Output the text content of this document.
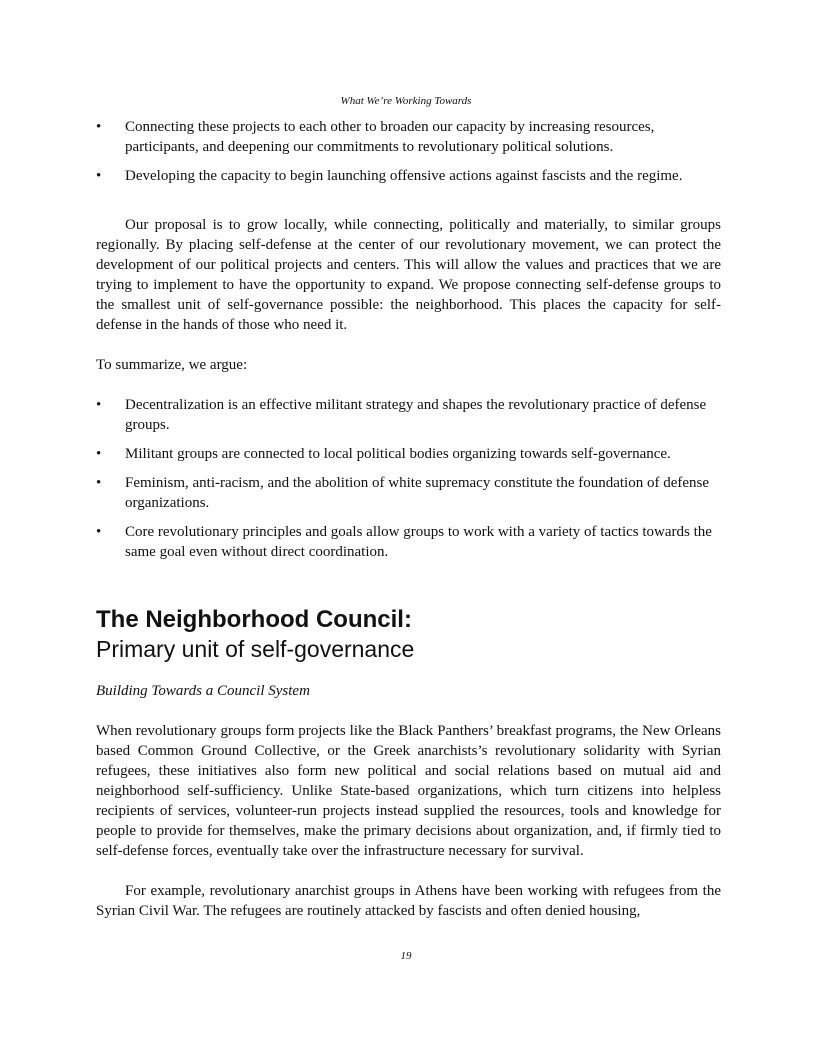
What We’re Working Towards
•	Connecting these projects to each other to broaden our capacity by increasing resources, participants, and deepening our commitments to revolutionary political solutions.
•	Developing the capacity to begin launching offensive actions against fascists and the regime.

Our proposal is to grow locally, while connecting, politically and materially, to similar groups regionally. By placing self-defense at the center of our revolutionary movement, we can protect the development of our political projects and centers. This will allow the values and practices that we are trying to implement to have the opportunity to expand. We propose connecting self-defense groups to the smallest unit of self-governance possible: the neighborhood. This places the capacity for self-defense in the hands of those who need it.

To summarize, we argue:

•	Decentralization is an effective militant strategy and shapes the revolutionary practice of defense groups.
•	Militant groups are connected to local political bodies organizing towards self-governance.
•	Feminism, anti-racism, and the abolition of white supremacy constitute the foundation of defense organizations.
•	Core revolutionary principles and goals allow groups to work with a variety of tactics towards the same goal even without direct coordination.
The Neighborhood Council:
Primary unit of self-governance

Building Towards a Council System

When revolutionary groups form projects like the Black Panthers’ breakfast programs, the New Orleans based Common Ground Collective, or the Greek anarchists’s revolutionary solidarity with Syrian refugees, these initiatives also form new political and social relations based on mutual aid and neighborhood self-sufficiency. Unlike State-based organizations, which turn citizens into helpless recipients of services, volunteer-run projects instead supplied the resources, tools and knowledge for people to provide for themselves, make the primary decisions about organization, and, if firmly tied to self-defense forces, eventually take over the infrastructure necessary for survival.

For example, revolutionary anarchist groups in Athens have been working with refugees from the Syrian Civil War. The refugees are routinely attacked by fascists and often denied housing,

19
